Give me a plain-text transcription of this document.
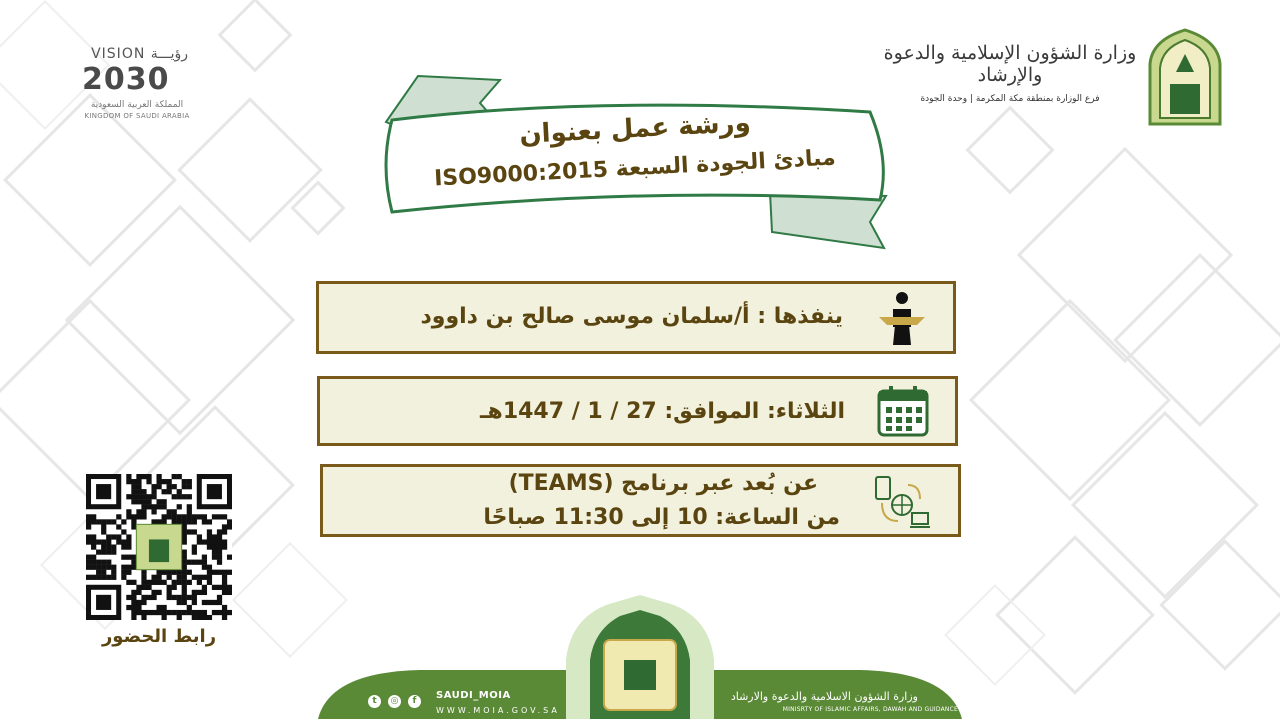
VISION رؤيـــة
2030
المملكة العربية السعودية
KINGDOM OF SAUDI ARABIA
وزارة الشؤون الإسلامية والدعوة والإرشاد
فرع الوزارة بمنطقة مكة المكرمة | وحدة الجودة
ورشة عمل بعنوان
مبادئ الجودة السبعة ISO9000:2015
ينفذها : أ/سلمان موسى صالح بن داوود
الثلاثاء: الموافق: 27 / 1 / 1447هـ
عن بُعد عبر برنامج (TEAMS)
من الساعة: 10 إلى 11:30 صباحًا
رابط الحضور
t	◎	f	SAUDI_MOIA
WWW.MOIA.GOV.SA
وزارة الشؤون الاسلامية والدعوة والارشاد
MINISRTY OF ISLAMIC AFFAIRS, DAWAH AND GUIDANCE
